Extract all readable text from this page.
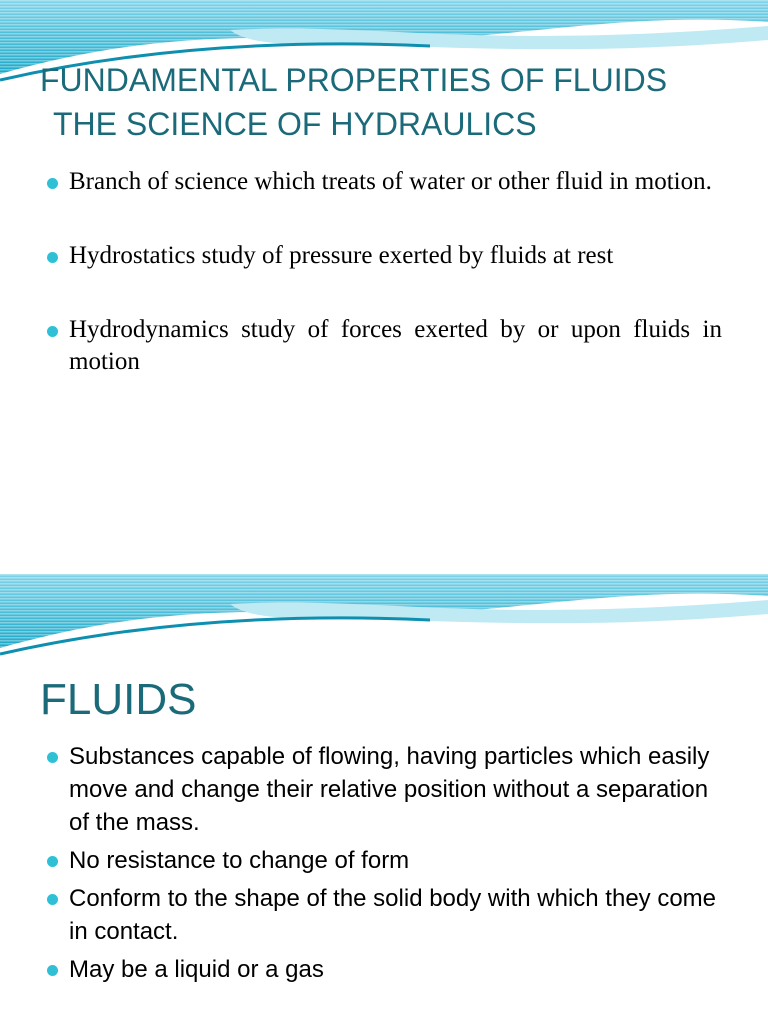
FUNDAMENTAL PROPERTIES OF FLUIDS
THE SCIENCE OF HYDRAULICS
Branch of science which treats of water or other fluid in motion.
Hydrostatics study of pressure exerted by fluids at rest
Hydrodynamics study of forces exerted by or upon fluids in motion
FLUIDS
Substances capable of flowing, having particles which easily move and change their relative position without a separation of the mass.
No resistance to change of form
Conform to the shape of the solid body with which they come in contact.
May be a liquid or a gas
